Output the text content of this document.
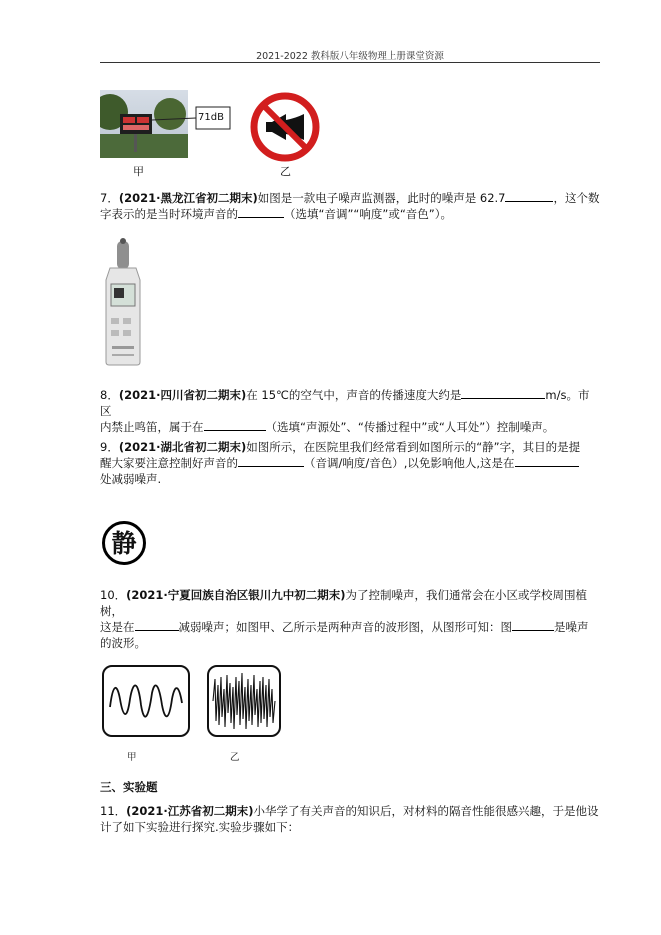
2021-2022 教科版八年级物理上册课堂资源
71dB
甲	乙
7．(2021·黑龙江省初二期末)如图是一款电子噪声监测器，此时的噪声是 62.7	，这个数
字表示的是当时环境声音的	（选填“音调”“响度”或“音色”）。
8．(2021·四川省初二期末)在 15℃的空气中，声音的传播速度大约是	m/s。市区
内禁止鸣笛，属于在	（选填“声源处”、“传播过程中”或“人耳处”）控制噪声。
9．(2021·湖北省初二期末)如图所示，在医院里我们经常看到如图所示的“静”字，其目的是提
醒大家要注意控制好声音的	（音调/响度/音色）,以免影响他人,这是在
处减弱噪声.
静
10．(2021·宁夏回族自治区银川九中初二期末)为了控制噪声，我们通常会在小区或学校周围植树，
这是在	减弱噪声；如图甲、乙所示是两种声音的波形图，从图形可知：图	是噪声
的波形。
甲	乙
三、实验题
11．(2021·江苏省初二期末)小华学了有关声音的知识后，对材料的隔音性能很感兴趣，于是他设
计了如下实验进行探究.实验步骤如下：
